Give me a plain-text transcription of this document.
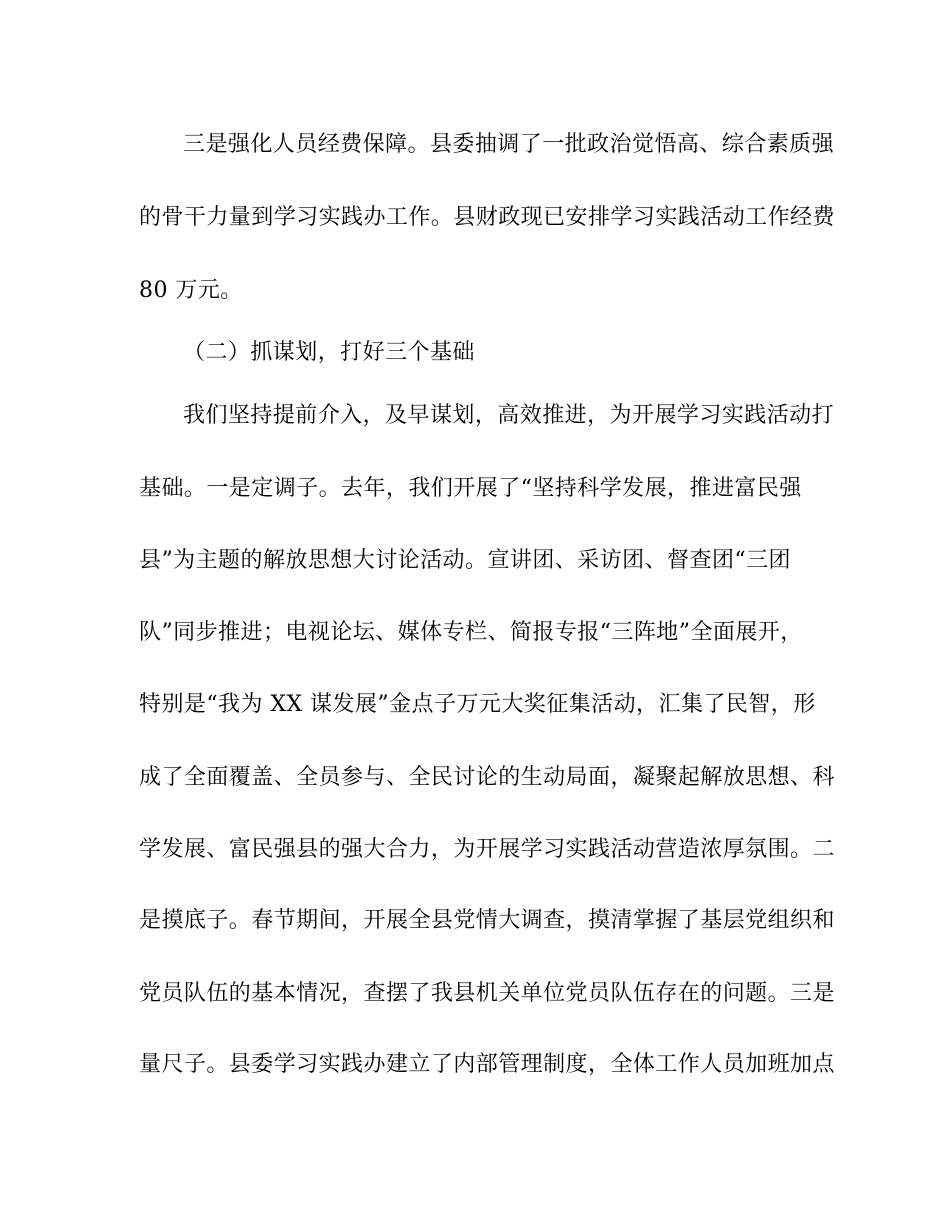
三是强化人员经费保障。县委抽调了一批政治觉悟高、综合素质强
的骨干力量到学习实践办工作。县财政现已安排学习实践活动工作经费
80 万元。
（二）抓谋划，打好三个基础
我们坚持提前介入，及早谋划，高效推进，为开展学习实践活动打
基础。一是定调子。去年，我们开展了“坚持科学发展，推进富民强
县”为主题的解放思想大讨论活动。宣讲团、采访团、督查团“三团
队”同步推进；电视论坛、媒体专栏、简报专报“三阵地”全面展开，
特别是“我为 XX 谋发展”金点子万元大奖征集活动，汇集了民智，形
成了全面覆盖、全员参与、全民讨论的生动局面，凝聚起解放思想、科
学发展、富民强县的强大合力，为开展学习实践活动营造浓厚氛围。二
是摸底子。春节期间，开展全县党情大调查，摸清掌握了基层党组织和
党员队伍的基本情况，查摆了我县机关单位党员队伍存在的问题。三是
量尺子。县委学习实践办建立了内部管理制度，全体工作人员加班加点
